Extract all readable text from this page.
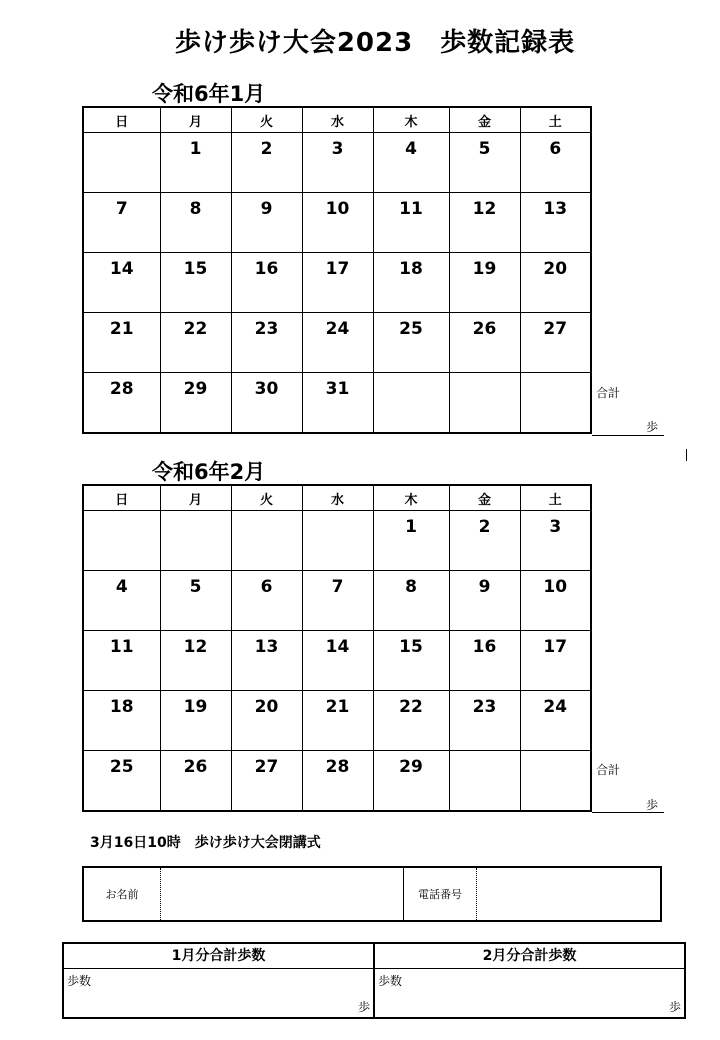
歩け歩け大会2023　歩数記録表
令和6年1月
日	月	火	水	木	金	土

	1	2	3	4	5	6

7	8	9	10	11	12	13

14	15	16	17	18	19	20

21	22	23	24	25	26	27

28	29	30	31			

		合計
歩
令和6年2月
日	月	火	水	木	金	土

				1	2	3

4	5	6	7	8	9	10

11	12	13	14	15	16	17

18	19	20	21	22	23	24

25	26	27	28	29		

		合計
歩
3月16日10時　歩け歩け大会閉講式
お名前	電話番号
1月分合計歩数
歩数
歩
2月分合計歩数
歩数
歩
